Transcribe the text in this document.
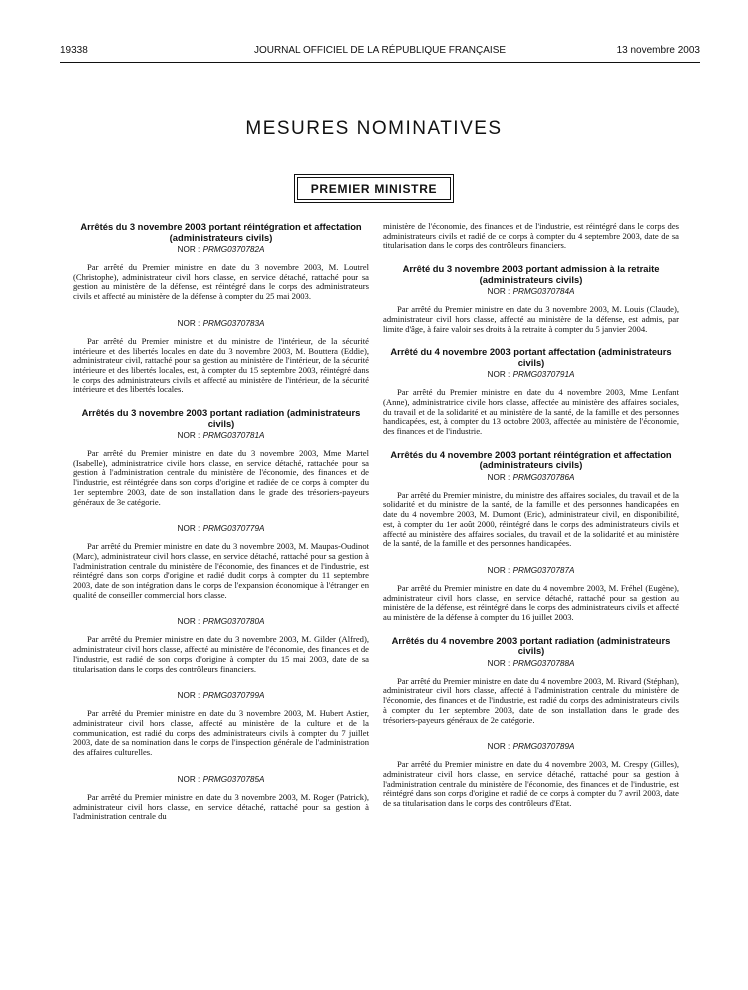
19338	JOURNAL OFFICIEL DE LA RÉPUBLIQUE FRANÇAISE	13 novembre 2003
MESURES NOMINATIVES
PREMIER MINISTRE
Arrêtés du 3 novembre 2003 portant réintégration et affectation (administrateurs civils)
NOR : PRMG0370782A

Par arrêté du Premier ministre en date du 3 novembre 2003, M. Loutrel (Christophe), administrateur civil hors classe, en service détaché, rattaché pour sa gestion au ministère de la défense, est réintégré dans le corps des administrateurs civils et affecté au ministère de la défense à compter du 25 mai 2003.

NOR : PRMG0370783A

Par arrêté du Premier ministre et du ministre de l'intérieur, de la sécurité intérieure et des libertés locales en date du 3 novembre 2003, M. Bouttera (Eddie), administrateur civil, rattaché pour sa gestion au ministère de l'intérieur, de la sécurité intérieure et des libertés locales, est, à compter du 15 septembre 2003, réintégré dans le corps des administrateurs civils et affecté au ministère de l'intérieur, de la sécurité intérieure et des libertés locales.

Arrêtés du 3 novembre 2003 portant radiation (administrateurs civils)
NOR : PRMG0370781A

Par arrêté du Premier ministre en date du 3 novembre 2003, Mme Martel (Isabelle), administratrice civile hors classe, en service détaché, rattachée pour sa gestion à l'administration centrale du ministère de l'économie, des finances et de l'industrie, est réintégrée dans son corps d'origine et radiée de ce corps à compter du 1er septembre 2003, date de son installation dans le grade des trésoriers-payeurs généraux de 3e catégorie.

NOR : PRMG0370779A

Par arrêté du Premier ministre en date du 3 novembre 2003, M. Maupas-Oudinot (Marc), administrateur civil hors classe, en service détaché, rattaché pour sa gestion à l'administration centrale du ministère de l'économie, des finances et de l'industrie, est réintégré dans son corps d'origine et radié dudit corps à compter du 11 septembre 2003, date de son intégration dans le corps de l'expansion économique à l'étranger en qualité de conseiller commercial hors classe.

NOR : PRMG0370780A

Par arrêté du Premier ministre en date du 3 novembre 2003, M. Gilder (Alfred), administrateur civil hors classe, affecté au ministère de l'économie, des finances et de l'industrie, est radié de son corps d'origine à compter du 15 mai 2003, date de sa titularisation dans le corps des contrôleurs financiers.

NOR : PRMG0370799A

Par arrêté du Premier ministre en date du 3 novembre 2003, M. Hubert Astier, administrateur civil hors classe, affecté au ministère de la culture et de la communication, est radié du corps des administrateurs civils à compter du 7 juillet 2003, date de sa nomination dans le corps de l'inspection générale de l'administration des affaires culturelles.

NOR : PRMG0370785A

Par arrêté du Premier ministre en date du 3 novembre 2003, M. Roger (Patrick), administrateur civil hors classe, en service détaché, rattaché pour sa gestion à l'administration centrale du

ministère de l'économie, des finances et de l'industrie, est réintégré dans le corps des administrateurs civils et radié de ce corps à compter du 4 septembre 2003, date de sa titularisation dans le corps des contrôleurs financiers.

Arrêté du 3 novembre 2003 portant admission à la retraite (administrateurs civils)
NOR : PRMG0370784A

Par arrêté du Premier ministre en date du 3 novembre 2003, M. Louis (Claude), administrateur civil hors classe, affecté au ministère de la défense, est admis, par limite d'âge, à faire valoir ses droits à la retraite à compter du 5 janvier 2004.

Arrêté du 4 novembre 2003 portant affectation (administrateurs civils)
NOR : PRMG0370791A

Par arrêté du Premier ministre en date du 4 novembre 2003, Mme Lenfant (Anne), administratrice civile hors classe, affectée au ministère des affaires sociales, du travail et de la solidarité et au ministère de la santé, de la famille et des personnes handicapées, est, à compter du 13 octobre 2003, affectée au ministère de l'économie, des finances et de l'industrie.

Arrêtés du 4 novembre 2003 portant réintégration et affectation (administrateurs civils)
NOR : PRMG0370786A

Par arrêté du Premier ministre, du ministre des affaires sociales, du travail et de la solidarité et du ministre de la santé, de la famille et des personnes handicapées en date du 4 novembre 2003, M. Dumont (Eric), administrateur civil, en disponibilité, est, à compter du 1er août 2000, réintégré dans le corps des administrateurs civils et affecté au ministère des affaires sociales, du travail et de la solidarité et au ministère de la santé, de la famille et des personnes handicapées.

NOR : PRMG0370787A

Par arrêté du Premier ministre en date du 4 novembre 2003, M. Fréhel (Eugène), administrateur civil hors classe, en service détaché, rattaché pour sa gestion au ministère de la défense, est réintégré dans le corps des administrateurs civils et affecté au ministère de la défense à compter du 16 juillet 2003.

Arrêtés du 4 novembre 2003 portant radiation (administrateurs civils)
NOR : PRMG0370788A

Par arrêté du Premier ministre en date du 4 novembre 2003, M. Rivard (Stéphan), administrateur civil hors classe, affecté à l'administration centrale du ministère de l'économie, des finances et de l'industrie, est radié du corps des administrateurs civils à compter du 1er septembre 2003, date de son installation dans le grade des trésoriers-payeurs généraux de 2e catégorie.

NOR : PRMG0370789A

Par arrêté du Premier ministre en date du 4 novembre 2003, M. Crespy (Gilles), administrateur civil hors classe, en service détaché, rattaché pour sa gestion à l'administration centrale du ministère de l'économie, des finances et de l'industrie, est réintégré dans son corps d'origine et radié de ce corps à compter du 7 avril 2003, date de sa titularisation dans le corps des contrôleurs d'Etat.
